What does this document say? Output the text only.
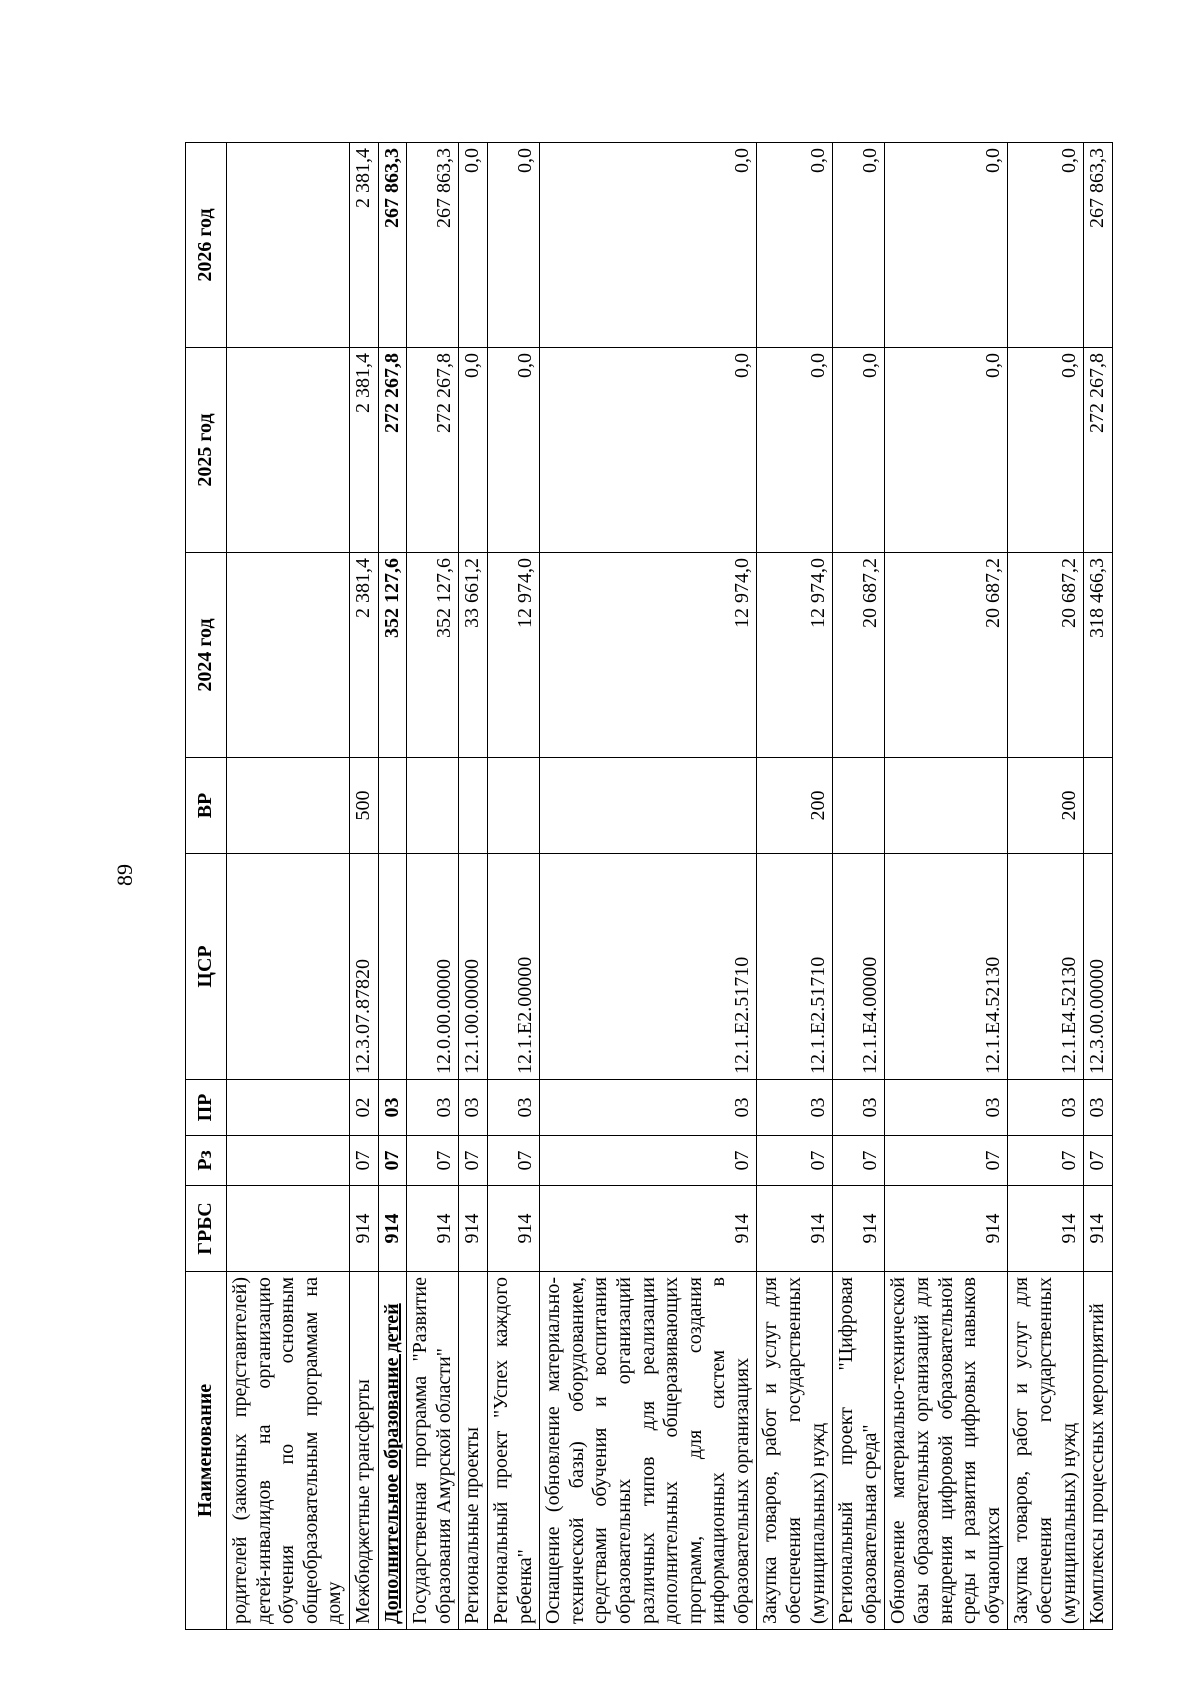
89
Наименование	ГРБС	Рз	ПР	ЦСР	ВР	2024 год	2025 год	2026 год
родителей (законных представителей) детей-инвалидов на организацию обучения по основным общеобразовательным программам на дому								
Межбюджетные трансферты	914	07	02	12.3.07.87820	500	2 381,4	2 381,4	2 381,4
Дополнительное образование детей	914	07	03			352 127,6	272 267,8	267 863,3
Государственная программа "Развитие образования Амурской области"	914	07	03	12.0.00.00000		352 127,6	272 267,8	267 863,3
Региональные проекты	914	07	03	12.1.00.00000		33 661,2	0,0	0,0
Региональный проект "Успех каждого ребенка"	914	07	03	12.1.E2.00000		12 974,0	0,0	0,0
Оснащение (обновление материально-технической базы) оборудованием, средствами обучения и воспитания образовательных организаций различных типов для реализации дополнительных общеразвивающих программ, для создания информационных систем в образовательных организациях	914	07	03	12.1.E2.51710		12 974,0	0,0	0,0
Закупка товаров, работ и услуг для обеспечения государственных (муниципальных) нужд	914	07	03	12.1.E2.51710	200	12 974,0	0,0	0,0
Региональный проект "Цифровая образовательная среда"	914	07	03	12.1.E4.00000		20 687,2	0,0	0,0
Обновление материально-технической базы образовательных организаций для внедрения цифровой образовательной среды и развития цифровых навыков обучающихся	914	07	03	12.1.E4.52130		20 687,2	0,0	0,0
Закупка товаров, работ и услуг для обеспечения государственных (муниципальных) нужд	914	07	03	12.1.E4.52130	200	20 687,2	0,0	0,0
Комплексы процессных мероприятий	914	07	03	12.3.00.00000		318 466,3	272 267,8	267 863,3
